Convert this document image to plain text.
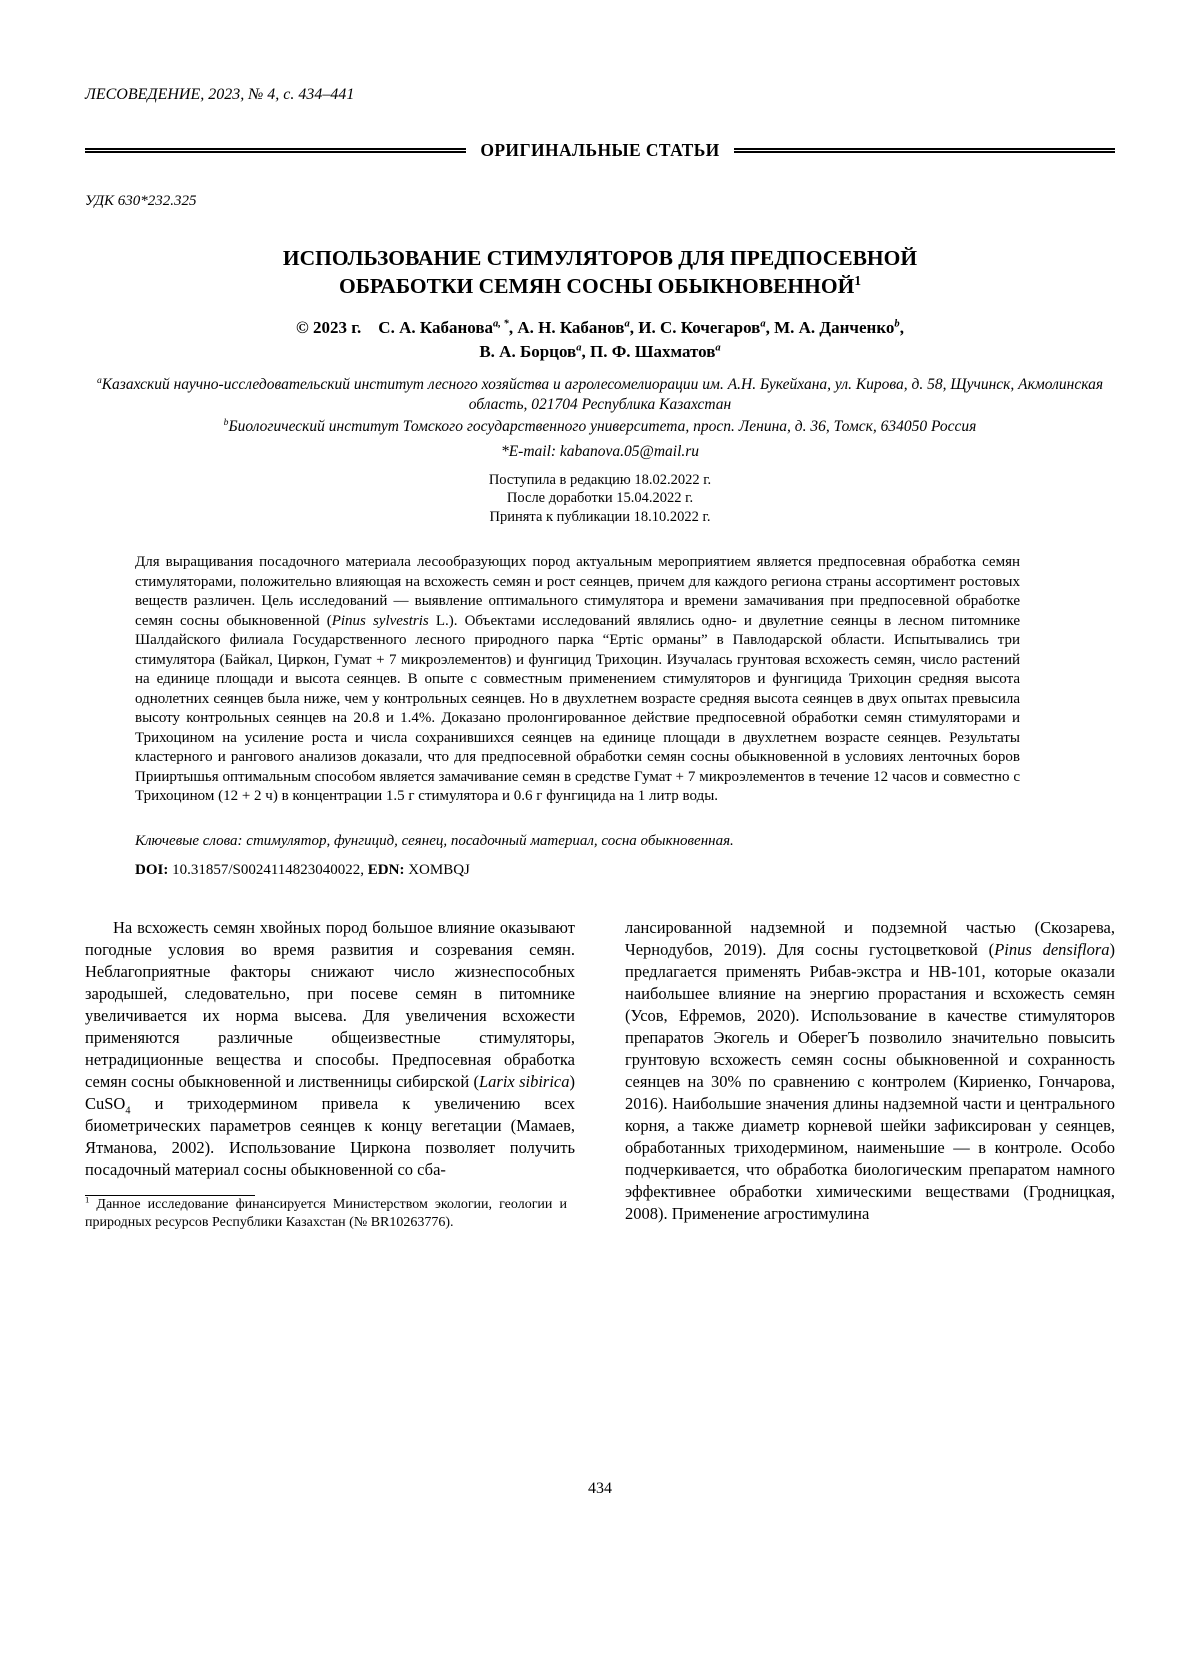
ЛЕСОВЕДЕНИЕ, 2023, № 4, с. 434–441
ОРИГИНАЛЬНЫЕ СТАТЬИ
УДК 630*232.325
ИСПОЛЬЗОВАНИЕ СТИМУЛЯТОРОВ ДЛЯ ПРЕДПОСЕВНОЙ
ОБРАБОТКИ СЕМЯН СОСНЫ ОБЫКНОВЕННОЙ$^1$
© 2023 г. С. А. Кабанова$^{a, *}$, А. Н. Кабанов$^a$, И. С. Кочегаров$^a$, М. А. Данченко$^b$,
В. А. Борцов$^a$, П. Ф. Шахматов$^a$
$^a$Казахский научно-исследовательский институт лесного хозяйства и агролесомелиорации им. А.Н. Букейхана, ул. Кирова, д. 58, Щучинск, Акмолинская область, 021704 Республика Казахстан
$^b$Биологический институт Томского государственного университета, просп. Ленина, д. 36, Томск, 634050 Россия
*E-mail: kabanova.05@mail.ru
Поступила в редакцию 18.02.2022 г.
После доработки 15.04.2022 г.
Принята к публикации 18.10.2022 г.
Для выращивания посадочного материала лесообразующих пород актуальным мероприятием является предпосевная обработка семян стимуляторами, положительно влияющая на всхожесть семян и рост сеянцев, причем для каждого региона страны ассортимент ростовых веществ различен. Цель исследований — выявление оптимального стимулятора и времени замачивания при предпосевной обработке семян сосны обыкновенной (Pinus sylvestris L.). Объектами исследований являлись одно- и двулетние сеянцы в лесном питомнике Шалдайского филиала Государственного лесного природного парка “Ертіс орманы” в Павлодарской области. Испытывались три стимулятора (Байкал, Циркон, Гумат + 7 микроэлементов) и фунгицид Трихоцин. Изучалась грунтовая всхожесть семян, число растений на единице площади и высота сеянцев. В опыте с совместным применением стимуляторов и фунгицида Трихоцин средняя высота однолетних сеянцев была ниже, чем у контрольных сеянцев. Но в двухлетнем возрасте средняя высота сеянцев в двух опытах превысила высоту контрольных сеянцев на 20.8 и 1.4%. Доказано пролонгированное действие предпосевной обработки семян стимуляторами и Трихоцином на усиление роста и числа сохранившихся сеянцев на единице площади в двухлетнем возрасте сеянцев. Результаты кластерного и рангового анализов доказали, что для предпосевной обработки семян сосны обыкновенной в условиях ленточных боров Прииртышья оптимальным способом является замачивание семян в средстве Гумат + 7 микроэлементов в течение 12 часов и совместно с Трихоцином (12 + 2 ч) в концентрации 1.5 г стимулятора и 0.6 г фунгицида на 1 литр воды.
Ключевые слова: стимулятор, фунгицид, сеянец, посадочный материал, сосна обыкновенная.
DOI: 10.31857/S0024114823040022, EDN: XOMBQJ

На всхожесть семян хвойных пород большое влияние оказывают погодные условия во время развития и созревания семян. Неблагоприятные факторы снижают число жизнеспособных зародышей, следовательно, при посеве семян в питомнике увеличивается их норма высева. Для увеличения всхожести применяются различные общеизвестные стимуляторы, нетрадиционные вещества и способы. Предпосевная обработка семян сосны обыкновенной и лиственницы сибирской (Larix sibirica) CuSO$_4$ и триходермином привела к увеличению всех биометрических параметров сеянцев к концу вегетации (Мамаев, Ятманова, 2002). Использование Циркона позволяет получить посадочный материал сосны обыкновенной со сба-

$^1$ Данное исследование финансируется Министерством экологии, геологии и природных ресурсов Республики Казахстан (№ BR10263776).

лансированной надземной и подземной частью (Скозарева, Чернодубов, 2019). Для сосны густоцветковой (Pinus densiflora) предлагается применять Рибав-экстра и НВ-101, которые оказали наибольшее влияние на энергию прорастания и всхожесть семян (Усов, Ефремов, 2020). Использование в качестве стимуляторов препаратов Экогель и ОберегЪ позволило значительно повысить грунтовую всхожесть семян сосны обыкновенной и сохранность сеянцев на 30% по сравнению с контролем (Кириенко, Гончарова, 2016). Наибольшие значения длины надземной части и центрального корня, а также диаметр корневой шейки зафиксирован у сеянцев, обработанных триходермином, наименьшие — в контроле. Особо подчеркивается, что обработка биологическим препаратом намного эффективнее обработки химическими веществами (Гродницкая, 2008). Применение агростимулина

434
